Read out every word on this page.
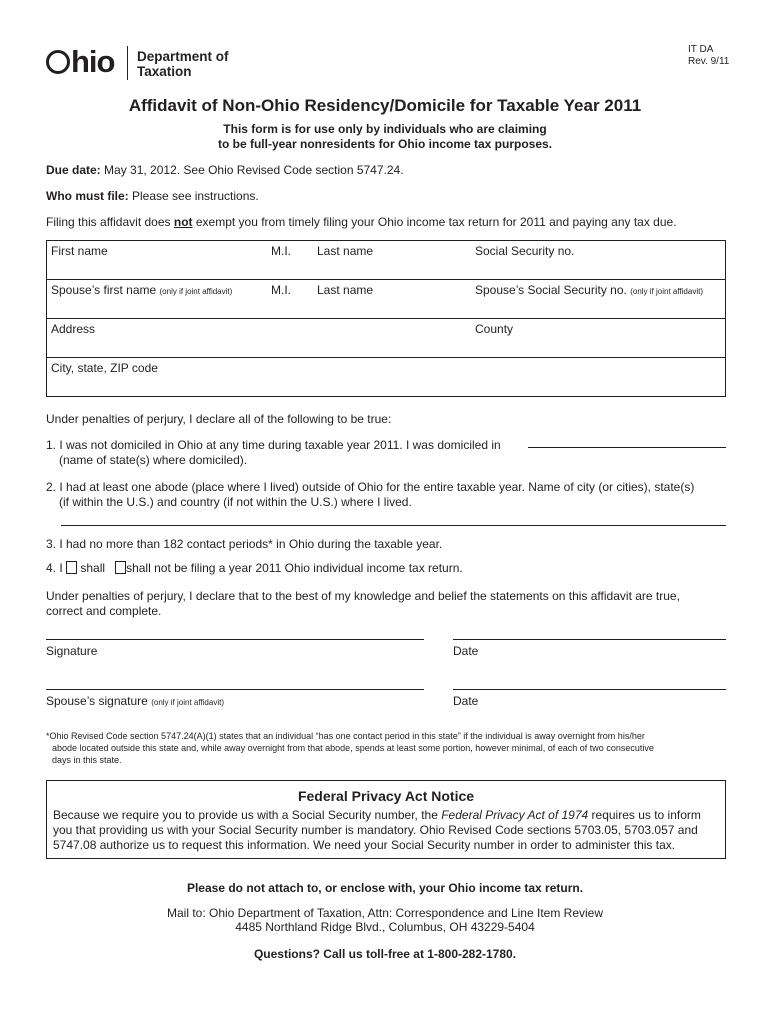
hio Department of
Taxation
IT DA
Rev. 9/11
Affidavit of Non-Ohio Residency/Domicile for Taxable Year 2011
This form is for use only by individuals who are claiming
to be full-year nonresidents for Ohio income tax purposes.
Due date: May 31, 2012. See Ohio Revised Code section 5747.24.
Who must file: Please see instructions.
Filing this affidavit does not exempt you from timely filing your Ohio income tax return for 2011 and paying any tax due.
First name	M.I. Last name	Social Security no.
Spouse’s first name (only if joint affidavit)	M.I. Last name	Spouse’s Social Security no. (only if joint affidavit)
Address	County
City, state, ZIP code
Under penalties of perjury, I declare all of the following to be true:
1. I was not domiciled in Ohio at any time during taxable year 2011. I was domiciled in
(name of state(s) where domiciled).
2. I had at least one abode (place where I lived) outside of Ohio for the entire taxable year. Name of city (or cities), state(s)
(if within the U.S.) and country (if not within the U.S.) where I lived.
3. I had no more than 182 contact periods* in Ohio during the taxable year.
4. I shall shall not be filing a year 2011 Ohio individual income tax return.
Under penalties of perjury, I declare that to the best of my knowledge and belief the statements on this affidavit are true,
correct and complete.
Signature	Date
Spouse’s signature (only if joint affidavit)	Date
*Ohio Revised Code section 5747.24(A)(1) states that an individual “has one contact period in this state” if the individual is away overnight from his/her
abode located outside this state and, while away overnight from that abode, spends at least some portion, however minimal, of each of two consecutive
days in this state.
Federal Privacy Act Notice
Because we require you to provide us with a Social Security number, the Federal Privacy Act of 1974 requires us to inform
you that providing us with your Social Security number is mandatory. Ohio Revised Code sections 5703.05, 5703.057 and
5747.08 authorize us to request this information. We need your Social Security number in order to administer this tax.
Please do not attach to, or enclose with, your Ohio income tax return.
Mail to: Ohio Department of Taxation, Attn: Correspondence and Line Item Review
4485 Northland Ridge Blvd., Columbus, OH 43229-5404
Questions? Call us toll-free at 1-800-282-1780.
